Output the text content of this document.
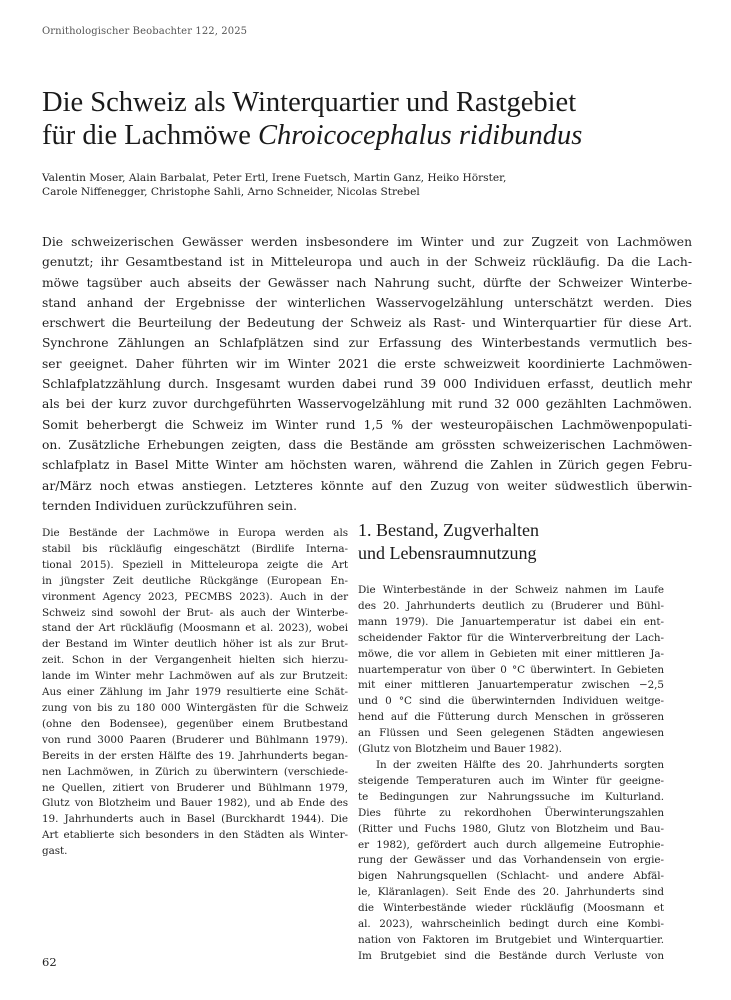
Ornithologischer Beobachter 122, 2025
Die Schweiz als Winterquartier und Rastgebiet
für die Lachmöwe Chroicocephalus ridibundus
Valentin Moser, Alain Barbalat, Peter Ertl, Irene Fuetsch, Martin Ganz, Heiko Hörster,
Carole Niffenegger, Christophe Sahli, Arno Schneider, Nicolas Strebel
Die schweizerischen Gewässer werden insbesondere im Winter und zur Zugzeit von Lachmöwen
genutzt; ihr Gesamtbestand ist in Mitteleuropa und auch in der Schweiz rückläufig. Da die Lach-
möwe tagsüber auch abseits der Gewässer nach Nahrung sucht, dürfte der Schweizer Winterbe-
stand anhand der Ergebnisse der winterlichen Wasservogelzählung unterschätzt werden. Dies
erschwert die Beurteilung der Bedeutung der Schweiz als Rast- und Winterquartier für diese Art.
Synchrone Zählungen an Schlafplätzen sind zur Erfassung des Winterbestands vermutlich bes-
ser geeignet. Daher führten wir im Winter 2021 die erste schweizweit koordinierte Lachmöwen-
Schlafplatzzählung durch. Insgesamt wurden dabei rund 39 000 Individuen erfasst, deutlich mehr
als bei der kurz zuvor durchgeführten Wasservogelzählung mit rund 32 000 gezählten Lachmöwen.
Somit beherbergt die Schweiz im Winter rund 1,5 % der westeuropäischen Lachmöwenpopulati-
on. Zusätzliche Erhebungen zeigten, dass die Bestände am grössten schweizerischen Lachmöwen-
schlafplatz in Basel Mitte Winter am höchsten waren, während die Zahlen in Zürich gegen Febru-
ar/März noch etwas anstiegen. Letzteres könnte auf den Zuzug von weiter südwestlich überwin-
ternden Individuen zurückzuführen sein.
Die Bestände der Lachmöwe in Europa werden als
stabil bis rückläufig eingeschätzt (Birdlife Interna-
tional 2015). Speziell in Mitteleuropa zeigte die Art
in jüngster Zeit deutliche Rückgänge (European En-
vironment Agency 2023, PECMBS 2023). Auch in der
Schweiz sind sowohl der Brut- als auch der Winterbe-
stand der Art rückläufig (Moosmann et al. 2023), wobei
der Bestand im Winter deutlich höher ist als zur Brut-
zeit. Schon in der Vergangenheit hielten sich hierzu-
lande im Winter mehr Lachmöwen auf als zur Brutzeit:
Aus einer Zählung im Jahr 1979 resultierte eine Schät-
zung von bis zu 180 000 Wintergästen für die Schweiz
(ohne den Bodensee), gegenüber einem Brutbestand
von rund 3000 Paaren (Bruderer und Bühlmann 1979).
Bereits in der ersten Hälfte des 19. Jahrhunderts began-
nen Lachmöwen, in Zürich zu überwintern (verschiede-
ne Quellen, zitiert von Bruderer und Bühlmann 1979,
Glutz von Blotzheim und Bauer 1982), und ab Ende des
19. Jahrhunderts auch in Basel (Burckhardt 1944). Die
Art etablierte sich besonders in den Städten als Winter-
gast.
1. Bestand, Zugverhalten
und Lebensraumnutzung
Die Winterbestände in der Schweiz nahmen im Laufe
des 20. Jahrhunderts deutlich zu (Bruderer und Bühl-
mann 1979). Die Januartemperatur ist dabei ein ent-
scheidender Faktor für die Winterverbreitung der Lach-
möwe, die vor allem in Gebieten mit einer mittleren Ja-
nuartemperatur von über 0 °C überwintert. In Gebieten
mit einer mittleren Januartemperatur zwischen −2,5
und 0 °C sind die überwinternden Individuen weitge-
hend auf die Fütterung durch Menschen in grösseren
an Flüssen und Seen gelegenen Städten angewiesen
(Glutz von Blotzheim und Bauer 1982).
In der zweiten Hälfte des 20. Jahrhunderts sorgten
steigende Temperaturen auch im Winter für geeigne-
te Bedingungen zur Nahrungssuche im Kulturland.
Dies führte zu rekordhohen Überwinterungszahlen
(Ritter und Fuchs 1980, Glutz von Blotzheim und Bau-
er 1982), gefördert auch durch allgemeine Eutrophie-
rung der Gewässer und das Vorhandensein von ergie-
bigen Nahrungsquellen (Schlacht- und andere Abfäl-
le, Kläranlagen). Seit Ende des 20. Jahrhunderts sind
die Winterbestände wieder rückläufig (Moosmann et
al. 2023), wahrscheinlich bedingt durch eine Kombi-
nation von Faktoren im Brutgebiet und Winterquartier.
Im Brutgebiet sind die Bestände durch Verluste von
62
